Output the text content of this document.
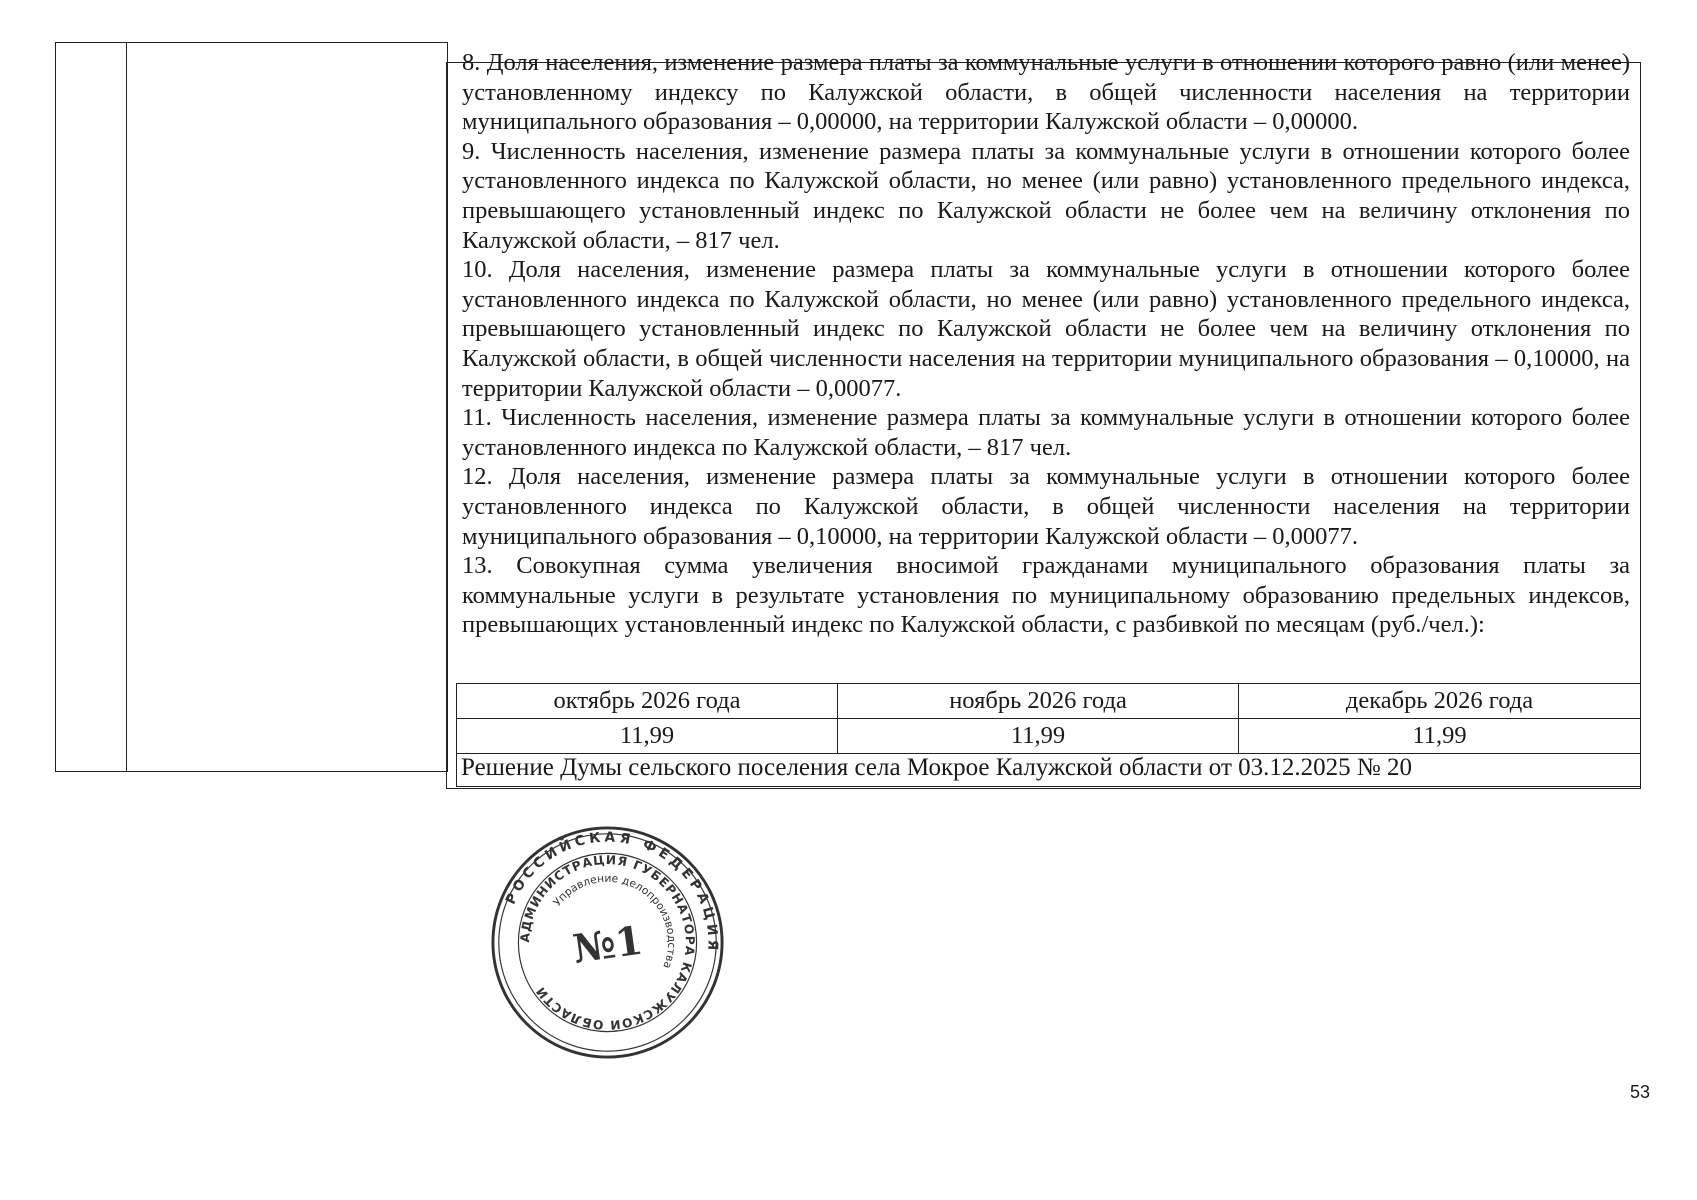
8. Доля населения, изменение размера платы за коммунальные услуги в отношении которого равно (или менее) установленному индексу по Калужской области, в общей численности населения на территории муниципального образования – 0,00000, на территории Калужской области – 0,00000.

9. Численность населения, изменение размера платы за коммунальные услуги в отношении которого более установленного индекса по Калужской области, но менее (или равно) установленного предельного индекса, превышающего установленный индекс по Калужской области не более чем на величину отклонения по Калужской области, – 817 чел.

10. Доля населения, изменение размера платы за коммунальные услуги в отношении которого более установленного индекса по Калужской области, но менее (или равно) установленного предельного индекса, превышающего установленный индекс по Калужской области не более чем на величину отклонения по Калужской области, в общей численности населения на территории муниципального образования – 0,10000, на территории Калужской области – 0,00077.

11. Численность населения, изменение размера платы за коммунальные услуги в отношении которого более установленного индекса по Калужской области, – 817 чел.

12. Доля населения, изменение размера платы за коммунальные услуги в отношении которого более установленного индекса по Калужской области, в общей численности населения на территории муниципального образования – 0,10000, на территории Калужской области – 0,00077.

13. Совокупная сумма увеличения вносимой гражданами муниципального образования платы за коммунальные услуги в результате установления по муниципальному образованию предельных индексов, превышающих установленный индекс по Калужской области, с разбивкой по месяцам (руб./чел.):

октябрь 2026 года	ноябрь 2026 года	декабрь 2026 года
11,99	11,99	11,99
Решение Думы сельского поселения села Мокрое Калужской области от 03.12.2025 № 20
РОССИЙСКАЯ ФЕДЕРАЦИЯ
АДМИНИСТРАЦИЯ ГУБЕРНАТОРА КАЛУЖСКОЙ ОБЛАСТИ
Управление делопроизводства
№1
53
